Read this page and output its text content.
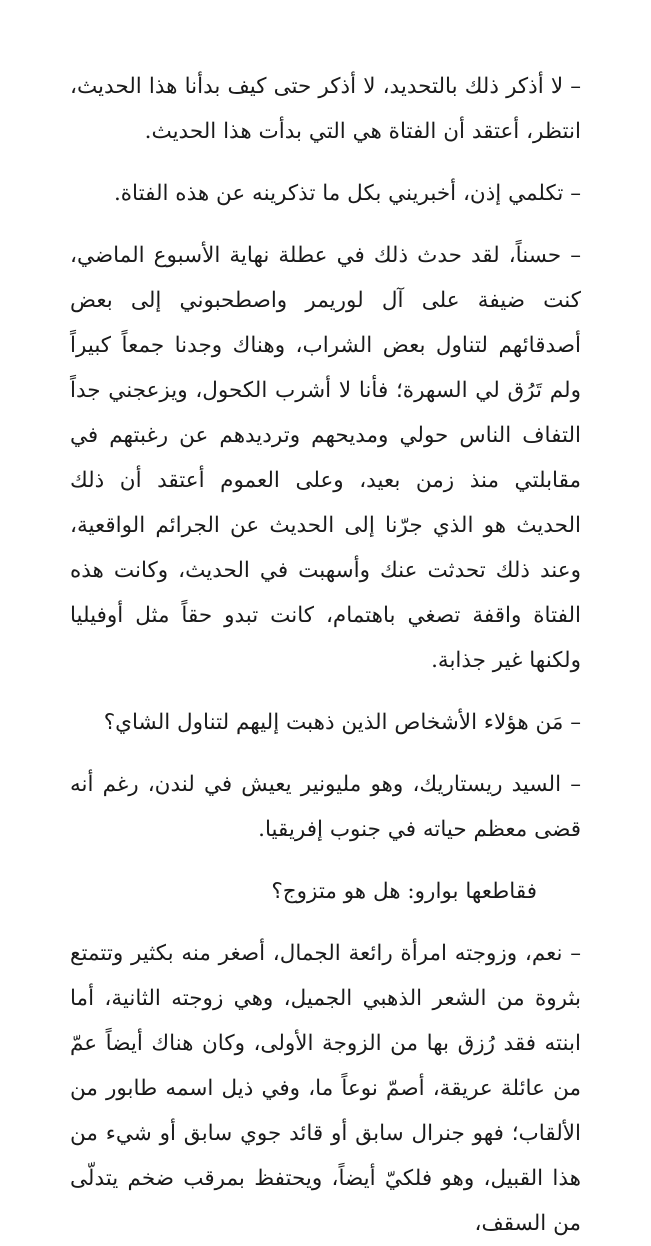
– لا أذكر ذلك بالتحديد، لا أذكر حتى كيف بدأنا هذا الحديث، انتظر، أعتقد أن الفتاة هي التي بدأت هذا الحديث.

– تكلمي إذن، أخبريني بكل ما تذكرينه عن هذه الفتاة.

– حسناً، لقد حدث ذلك في عطلة نهاية الأسبوع الماضي، كنت ضيفة على آل لوريمر واصطحبوني إلى بعض أصدقائهم لتناول بعض الشراب، وهناك وجدنا جمعاً كبيراً ولم تَرُق لي السهرة؛ فأنا لا أشرب الكحول، ويزعجني جداً التفاف الناس حولي ومديحهم وترديدهم عن رغبتهم في مقابلتي منذ زمن بعيد، وعلى العموم أعتقد أن ذلك الحديث هو الذي جرّنا إلى الحديث عن الجرائم الواقعية، وعند ذلك تحدثت عنك وأسهبت في الحديث، وكانت هذه الفتاة واقفة تصغي باهتمام، كانت تبدو حقاً مثل أوفيليا ولكنها غير جذابة.

– مَن هؤلاء الأشخاص الذين ذهبت إليهم لتناول الشاي؟

– السيد ريستاريك، وهو مليونير يعيش في لندن، رغم أنه قضى معظم حياته في جنوب إفريقيا.

فقاطعها بوارو: هل هو متزوج؟

– نعم، وزوجته امرأة رائعة الجمال، أصغر منه بكثير وتتمتع بثروة من الشعر الذهبي الجميل، وهي زوجته الثانية، أما ابنته فقد رُزق بها من الزوجة الأولى، وكان هناك أيضاً عمّ من عائلة عريقة، أصمّ نوعاً ما، وفي ذيل اسمه طابور من الألقاب؛ فهو جنرال سابق أو قائد جوي سابق أو شيء من هذا القبيل، وهو فلكيّ أيضاً، ويحتفظ بمرقب ضخم يتدلّى من السقف،
